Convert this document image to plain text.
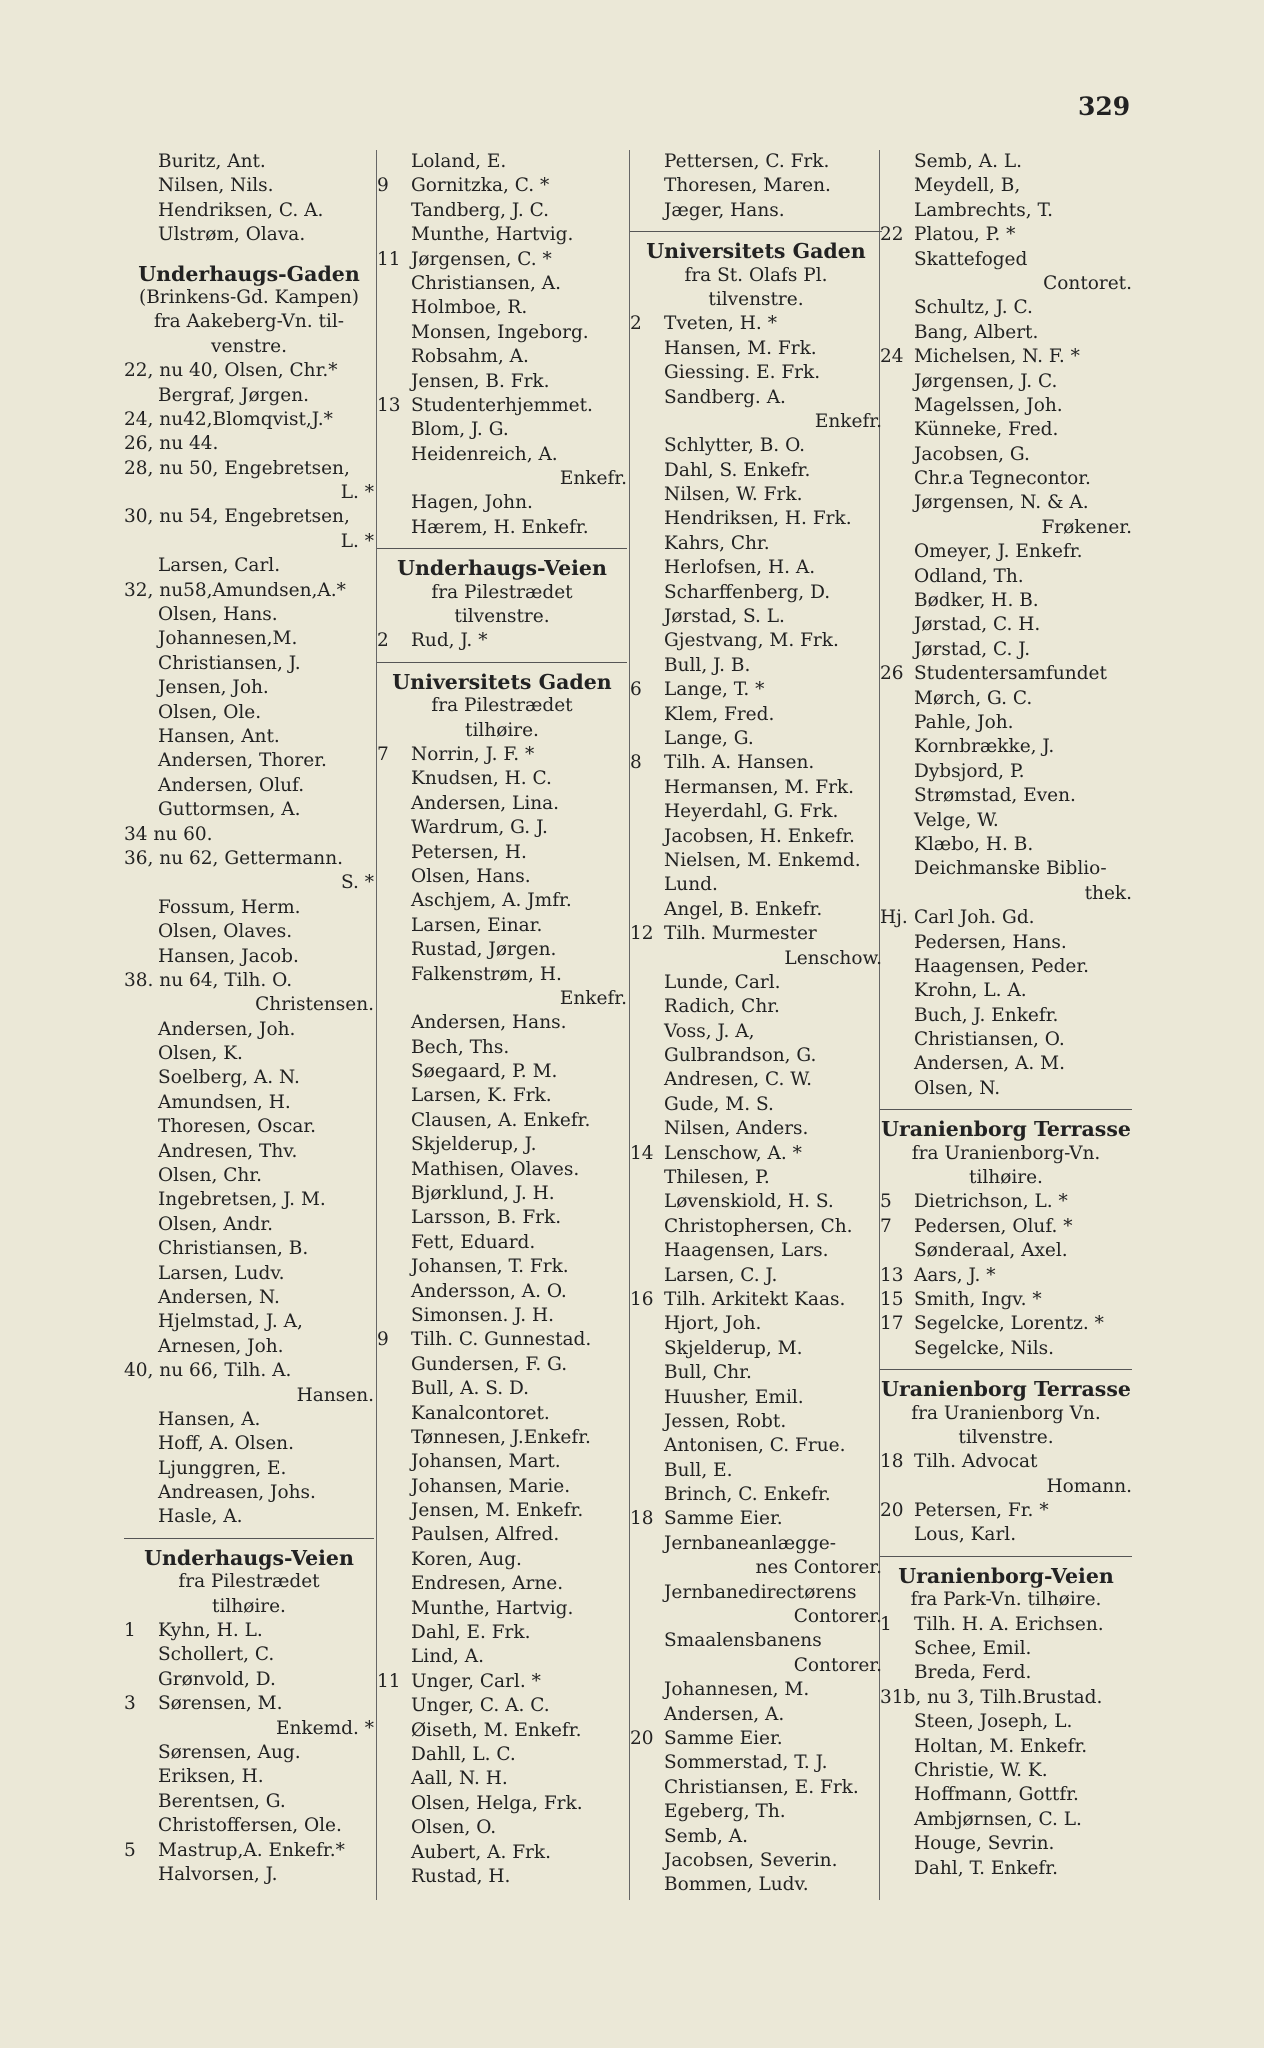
329
Buritz, Ant.
Nilsen, Nils.
Hendriksen, C. A.
Ulstrøm, Olava.
Underhaugs-Gaden
(Brinkens-Gd. Kampen)
fra Aakeberg-Vn. til-
venstre.
22, nu 40, Olsen, Chr.*
Bergraf, Jørgen.
24, nu42,Blomqvist,J.*
26, nu 44.
28, nu 50, Engebretsen,
L. *
30, nu 54, Engebretsen,
L. *
Larsen, Carl.
32, nu58,Amundsen,A.*
Olsen, Hans.
Johannesen,M.
Christiansen, J.
Jensen, Joh.
Olsen, Ole.
Hansen, Ant.
Andersen, Thorer.
Andersen, Oluf.
Guttormsen, A.
34 nu 60.
36, nu 62, Gettermann.
S. *
Fossum, Herm.
Olsen, Olaves.
Hansen, Jacob.
38. nu 64, Tilh. O.
Christensen.
Andersen, Joh.
Olsen, K.
Soelberg, A. N.
Amundsen, H.
Thoresen, Oscar.
Andresen, Thv.
Olsen, Chr.
Ingebretsen, J. M.
Olsen, Andr.
Christiansen, B.
Larsen, Ludv.
Andersen, N.
Hjelmstad, J. A,
Arnesen, Joh.
40, nu 66, Tilh. A.
Hansen.
Hansen, A.
Hoff, A. Olsen.
Ljunggren, E.
Andreasen, Johs.
Hasle, A.
Underhaugs-Veien
fra Pilestrædet
tilhøire.
1 Kyhn, H. L.
Schollert, C.
Grønvold, D.
3 Sørensen, M.
Enkemd. *
Sørensen, Aug.
Eriksen, H.
Berentsen, G.
Christoffersen, Ole.
5 Mastrup,A. Enkefr.*
Halvorsen, J.
Loland, E.
9 Gornitzka, C. *
Tandberg, J. C.
Munthe, Hartvig.
11 Jørgensen, C. *
Christiansen, A.
Holmboe, R.
Monsen, Ingeborg.
Robsahm, A.
Jensen, B. Frk.
13 Studenterhjemmet.
Blom, J. G.
Heidenreich, A.
Enkefr.
Hagen, John.
Hærem, H. Enkefr.
Underhaugs-Veien
fra Pilestrædet
tilvenstre.
2 Rud, J. *
Universitets Gaden
fra Pilestrædet
tilhøire.
7 Norrin, J. F. *
Knudsen, H. C.
Andersen, Lina.
Wardrum, G. J.
Petersen, H.
Olsen, Hans.
Aschjem, A. Jmfr.
Larsen, Einar.
Rustad, Jørgen.
Falkenstrøm, H.
Enkefr.
Andersen, Hans.
Bech, Ths.
Søegaard, P. M.
Larsen, K. Frk.
Clausen, A. Enkefr.
Skjelderup, J.
Mathisen, Olaves.
Bjørklund, J. H.
Larsson, B. Frk.
Fett, Eduard.
Johansen, T. Frk.
Andersson, A. O.
Simonsen. J. H.
9 Tilh. C. Gunnestad.
Gundersen, F. G.
Bull, A. S. D.
Kanalcontoret.
Tønnesen, J.Enkefr.
Johansen, Mart.
Johansen, Marie.
Jensen, M. Enkefr.
Paulsen, Alfred.
Koren, Aug.
Endresen, Arne.
Munthe, Hartvig.
Dahl, E. Frk.
Lind, A.
11 Unger, Carl. *
Unger, C. A. C.
Øiseth, M. Enkefr.
Dahll, L. C.
Aall, N. H.
Olsen, Helga, Frk.
Olsen, O.
Aubert, A. Frk.
Rustad, H.
Pettersen, C. Frk.
Thoresen, Maren.
Jæger, Hans.
Universitets Gaden
fra St. Olafs Pl.
tilvenstre.
2 Tveten, H. *
Hansen, M. Frk.
Giessing. E. Frk.
Sandberg. A.
Enkefr.
Schlytter, B. O.
Dahl, S. Enkefr.
Nilsen, W. Frk.
Hendriksen, H. Frk.
Kahrs, Chr.
Herlofsen, H. A.
Scharffenberg, D.
Jørstad, S. L.
Gjestvang, M. Frk.
Bull, J. B.
6 Lange, T. *
Klem, Fred.
Lange, G.
8 Tilh. A. Hansen.
Hermansen, M. Frk.
Heyerdahl, G. Frk.
Jacobsen, H. Enkefr.
Nielsen, M. Enkemd.
Lund.
Angel, B. Enkefr.
12 Tilh. Murmester
Lenschow.
Lunde, Carl.
Radich, Chr.
Voss, J. A,
Gulbrandson, G.
Andresen, C. W.
Gude, M. S.
Nilsen, Anders.
14 Lenschow, A. *
Thilesen, P.
Løvenskiold, H. S.
Christophersen, Ch.
Haagensen, Lars.
Larsen, C. J.
16 Tilh. Arkitekt Kaas.
Hjort, Joh.
Skjelderup, M.
Bull, Chr.
Huusher, Emil.
Jessen, Robt.
Antonisen, C. Frue.
Bull, E.
Brinch, C. Enkefr.
18 Samme Eier.
Jernbaneanlægge-
nes Contorer.
Jernbanedirectørens
Contorer.
Smaalensbanens
Contorer.
Johannesen, M.
Andersen, A.
20 Samme Eier.
Sommerstad, T. J.
Christiansen, E. Frk.
Egeberg, Th.
Semb, A.
Jacobsen, Severin.
Bommen, Ludv.
Semb, A. L.
Meydell, B,
Lambrechts, T.
22 Platou, P. *
Skattefoged
Contoret.
Schultz, J. C.
Bang, Albert.
24 Michelsen, N. F. *
Jørgensen, J. C.
Magelssen, Joh.
Künneke, Fred.
Jacobsen, G.
Chr.a Tegnecontor.
Jørgensen, N. & A.
Frøkener.
Omeyer, J. Enkefr.
Odland, Th.
Bødker, H. B.
Jørstad, C. H.
Jørstad, C. J.
26 Studentersamfundet
Mørch, G. C.
Pahle, Joh.
Kornbrække, J.
Dybsjord, P.
Strømstad, Even.
Velge, W.
Klæbo, H. B.
Deichmanske Biblio-
thek.
Hj. Carl Joh. Gd.
Pedersen, Hans.
Haagensen, Peder.
Krohn, L. A.
Buch, J. Enkefr.
Christiansen, O.
Andersen, A. M.
Olsen, N.
Uranienborg Terrasse
fra Uranienborg-Vn.
tilhøire.
5 Dietrichson, L. *
7 Pedersen, Oluf. *
Sønderaal, Axel.
13 Aars, J. *
15 Smith, Ingv. *
17 Segelcke, Lorentz. *
Segelcke, Nils.
Uranienborg Terrasse
fra Uranienborg Vn.
tilvenstre.
18 Tilh. Advocat
Homann.
20 Petersen, Fr. *
Lous, Karl.
Uranienborg-Veien
fra Park-Vn. tilhøire.
1 Tilh. H. A. Erichsen.
Schee, Emil.
Breda, Ferd.
31b, nu 3, Tilh.Brustad.
Steen, Joseph, L.
Holtan, M. Enkefr.
Christie, W. K.
Hoffmann, Gottfr.
Ambjørnsen, C. L.
Houge, Sevrin.
Dahl, T. Enkefr.
